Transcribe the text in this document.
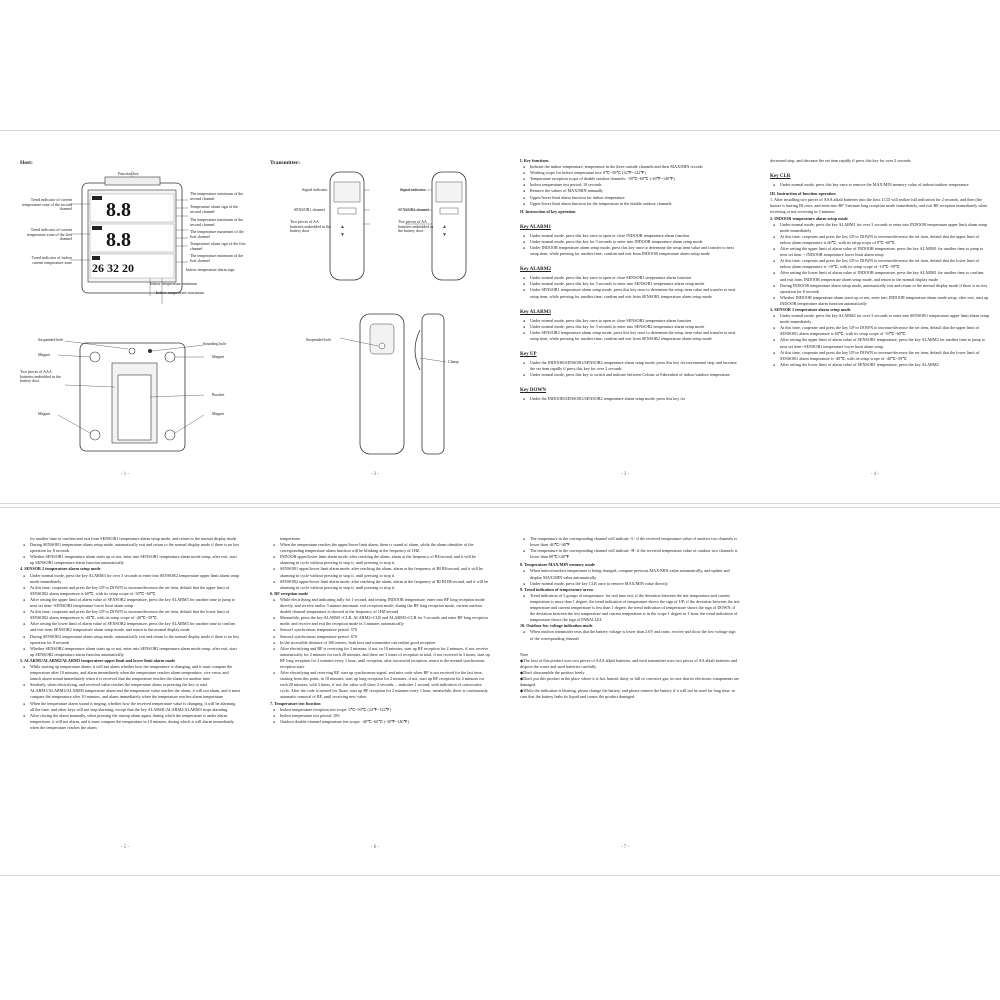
Host:

8.8
8.8
26 32 20
Function key
Trend indicator of current temperature zone of the second channel
Trend indicator of current temperature zone of the first channel
Trend indicator of indoor current temperature zone
The temperature minimum of the second channel
Temperature alarm sign of the second channel
The temperature minimum of the second channel
The temperature maximum of the first channel
Temperature alarm sign of the first channel
The temperature minimum of the first channel
Indoor temperature alarm sign
Indoor temperature minimum
Indoor temperature maximum
Suspended hole
Sounding hole
Magnet	Magnet
Two pieces of AAA batteries embedded in the battery door
Bracket
Magnet	Magnet
- 1 -

Transmitter:

▲
▼
▲
▼
Signal indicator
SENSOR1 channel
Two pieces of AA batteries embedded in the battery door
Signal indicator
SENSOR2 channel
Two pieces of AA batteries embedded in the battery door
Suspended hole
Clamp
- 2 -

I. Key functions

● Indicate the indoor temperature, temperature in the three outside channels and their MAX/MIN records

● Working scope for indoor temperature test: 0℃~50℃ (32℉~122℉)

● Temperature reception scope of double outdoor channels: -50℃~60℃ (-40℉~140℉)

● Indoor temperature test period: 10 seconds

● Remove the values of MAX/MIN manually

● Upper/lower limit alarm function for indoor temperature

● Upper/lower limit alarm function for the temperature in the double outdoor channels

II. Instruction of key operation

Key ALARM1

● Under normal mode, press this key once to open or close INDOOR temperature alarm function

● Under normal mode, press this key for 3 seconds to enter into INDOOR temperature alarm setup mode

● Under INDOOR temperature alarm setup mode, press this key once to determine the setup item value and transfer to next setup item, while pressing for another time, confirm and exit from INDOOR temperature alarm setup mode

Key ALARM2

● Under normal mode, press this key once to open or close SENSOR1 temperature alarm function

● Under normal mode, press this key for 3 seconds to enter into SENSOR1 temperature alarm setup mode

● Under SENSOR1 temperature alarm setup mode, press this key once to determine the setup item value and transfer to next setup item, while pressing for another time, confirm and exit from SENSOR1 temperature alarm setup mode

Key ALARM3

● Under normal mode, press this key once to open or close SENSOR2 temperature alarm function

● Under normal mode, press this key for 3 seconds to enter into SENSOR2 temperature alarm setup mode

● Under SENSOR2 temperature alarm setup mode, press this key once to determine the setup item value and transfer to next setup item, while pressing for another time, confirm and exit from SENSOR2 temperature alarm setup mode

Key UP

● Under the INDOOR/SENSOR1/SENSOR2 temperature alarm setup mode, press this key for incremental step, and increase the set item rapidly if press this key for over 2 seconds

● Under normal mode, press this key to switch and indicate between Celsius or Fahrenheit of indoor/outdoor temperature

Key DOWN

● Under the INDOOR/SENSOR1/SENSOR2 temperature alarm setup mode, press this key for

- 3 -

decreased step, and decrease the set item rapidly if press this key for over 2 seconds

Key CLR

● Under normal mode, press this key once to remove the MAX/MIN memory value of indoor/outdoor temperature

III. Instruction of function operation

1. After installing two pieces of AAA alkali batteries into the host, LCD will realize full indication for 2 seconds, and then (the buzzer is barring BI once, and enter into RF 3-minute long reception mode immediately, and exit RF reception immediately when receiving or not receiving in 3 minutes

2. INDOOR temperature alarm setup mode

● Under normal mode, press the key ALARM1 for over 3 seconds to enter into INDOOR temperature upper limit alarm setup mode immediately

● At this time, cooperate and press the key UP or DOWN to increase/decrease the set item, default that the upper limit of indoor alarm temperature is 60℃, with its setup scope of 0℃~60℃

● After setting the upper limit of alarm value of INDOOR temperature, press the key ALARM1 for another time to jump to next set item -- INDOOR temperature lower limit alarm setup

● At this time, cooperate and press the key UP or DOWN to increase/decrease the set item, default that the lower limit of indoor alarm temperature is -10℃, with its setup scope of -10℃~59℃

● After setting the lower limit of alarm value of INDOOR temperature, press the key ALARM1 for another time to confirm and exit from INDOOR temperature alarm setup mode, and return to the normal display mode

● During INDOOR temperature alarm setup mode, automatically exit and return to the normal display mode if there is no key operation for 8 seconds

● Whether INDOOR temperature alarm starts up or not, enter into INDOOR temperature alarm mode setup, after exit, start up INDOOR temperature alarm function automatically

3. SENSOR 1 temperature alarm setup mode

● Under normal mode, press the key ALARM2 for over 3 seconds to enter into SENSOR1 temperature upper limit alarm setup mode immediately

● At this time, cooperate and press the key UP or DOWN to increase/decrease the set item, default that the upper limit of SENSOR1 alarm temperature is 60℃, with its setup scope of -39℃~60℃

● After setting the upper limit of alarm value of SENSOR1 temperature, press the key ALARM2 for another time to jump to next set item--SENSOR1 temperature lower limit alarm setup

● At this time, cooperate and press the key UP or DOWN to increase/decrease the set item, default that the lower limit of SENSOR1 alarm temperature is -40℃, with its setup scope of -40℃~59℃

● After setting the lower limit of alarm value of SENSOR1 temperature, press the key ALARM2

- 4 -

for another time to confirm and exit from SENSOR1 temperature alarm setup mode, and return to the normal display mode

● During SENSOR1 temperature alarm setup mode, automatically exit and return to the normal display mode if there is no key operation for 8 seconds

● Whether SENSOR1 temperature alarm starts up or not, enter into SENSOR1 temperature alarm mode setup, after exit, start up SENSOR1 temperature alarm function automatically

4. SENSOR 2 temperature alarm setup mode

● Under normal mode, press the key ALARM3 for over 3 seconds to enter into SENSOR2 temperature upper limit alarm setup mode immediately

● At this time, cooperate and press the key UP or DOWN to increase/decrease the set item, default that the upper limit of SENSOR2 alarm temperature is 60℃, with its setup scope of -39℃~60℃

● After setting the upper limit of alarm value of SENSOR2 temperature, press the key ALARM3 for another time to jump to next set item--SENSOR2 temperature lower limit alarm setup

● At this time, cooperate and press the key UP or DOWN to increase/decrease the set item, default that the lower limit of SENSOR2 alarm temperature is -40℃, with its setup scope of -40℃~59℃

● After setting the lower limit of alarm value of SENSOR2 temperature, press the key ALARM3 for another time to confirm and exit from SENSOR2 temperature alarm setup mode, and return to the normal display mode

● During SENSOR2 temperature alarm setup mode, automatically exit and return to the normal display mode if there is no key operation for 8 seconds

● Whether SENSOR2 temperature alarm starts up or not, enter into SENSOR2 temperature alarm mode setup, after exit, start up SENSOR2 temperature alarm function automatically

5. ALARM1/ALARM2/ALARM3 temperature upper limit and lower limit alarm mode

● While starting up temperature alarm, it will not alarm whether how the temperature is changing, and it must compare the temperature after 10 minutes, and alarm immediately when the temperature reaches alarm temperature, vice versa, and launch alarm sound immediately when it is received that the temperature reaches the alarm for another time

● Similarly, when electrifying, and received value reaches the temperature alarm or pressing the key to start ALARM1/ALARM2/ALARM3 temperature alarm and the temperature value reaches the alarm, it will not alarm, and it must compare the temperature after 10 minutes, and alarm immediately when the temperature reaches alarm temperature

● When the temperature alarm sound is ringing, whether how the received temperature value is changing, it will be alarming all the time, and other keys will not stop alarming, except that the key ALARM1/ALARM2/ALARM3 stops alarming.

● After closing the alarm manually, when pressing the startup alarm again, during which the temperature is under alarm temperature, it will not alarm, and it must compare the temperature in 10 minutes, during which it will alarm immediately when the temperature reaches the alarm

- 5 -

temperature.

● When the temperature reaches the upper/lower limit alarm, there is sound of alarm, while the alarm identifier of the corresponding temperature alarm function will be blinking at the frequency of 1HZ

● INDOOR upper/lower limit alarm mode: after reaching the alarm, alarm at the frequency of BI/second, and it will be alarming in cycle without pressing to stop it, until pressing to stop it.

● SENSOR1 upper/lower limit alarm mode: after reaching the alarm, alarm at the frequency of BI BI/second, and it will be alarming in cycle without pressing to stop it, until pressing to stop it.

● SENSOR2 upper/lower limit alarm mode: after reaching the alarm, alarm at the frequency of BI BI BI/second, and it will be alarming in cycle without pressing to stop it, until pressing to stop it.

6. RF reception mode

● While electrifying and indicating fully for 1 second, and testing INDOOR temperature, enter into RF long reception mode directly, and receive and/or 3 minute automatic exit reception mode; during the RF long reception mode, current outdoor double channel temperature is showed at the frequency of 1HZ/second

● Meanwhile, press the key ALARM1+CLR, ALARM2+CLR and ALARM3+CLR for 3 seconds and enter RF long reception mode, and receive and exit the reception mode in 3 minutes automatically

● Sensor1 synchronous temperature period: 57S

● Sensor2 synchronous temperature period: 67S

● In the accessible distance of 100 meters, both host and transmitter can realize good reception

● After electrifying and RF is receiving for 3 minutes, if not, in 10 minutes, start up RF reception for 2 minutes, if not, receive automatically for 2 minutes for each 20 minutes, and there are 3 times of reception in total, if not received in 3 times, start up RF long reception for 2 minutes every 1 hour, until reception, after successful reception, return to the normal synchronous reception state

● After electrifying and receiving RF, start up synchronous signal, and miss code when RF is not received for the last time, starting from this point, in 10 minutes, start up long reception for 2 minutes, if not, start up RF reception for 2 minutes for each 20 minutes, with 3 times, if not, the value will show 2 seconds, – indicates 1 second, with indication of consecutive cycle. After the code is missed for 1hour, start up RF reception for 2 minutes every 1 hour, meanwhile, there is continuously automatic removal of RF, until receiving new value.

7. Temperature test function

● Indoor temperature reception test scope: 0℃~50℃ (32℉~122℉)

● Indoor temperature test period: 10S

● Outdoor double-channel temperature test scope: -40℃~60℃ (-40℉~140℉)

- 6 -

● The temperature in the corresponding channel will indicate -L- if the received temperature value of outdoor two channels is lower than -40℃/-40℉

● The temperature in the corresponding channel will indicate -H- if the received temperature value of outdoor two channels is lower than 60℃/140℉.

8. Temperature MAX/MIN memory mode

● When indoor/outdoor temperature is being changed, compare previous MAX/MIN value automatically, and update and display MAX/MIN value automatically

● Under normal mode, press the key CLR once to remove MAX/MIN value directly

9. Trend indication of temperature arrow

● Trend indication of 3 groups of temperature: for real time test, if the deviation between the test temperature and current temperature is more than 1 degree, the trend indication of temperature shows the sign of UP; if the deviation between the test temperature and current temperature is less than 1 degree, the trend indication of temperature shows the sign of DOWN; if the deviation between the test temperature and current temperature is in the scope 1 degree in 1 hour, the trend indication of temperature shows the sign of PARALLEL

10. Outdoor low voltage indication mode

● When outdoor transmitter tests that the battery voltage is lower than 2.6V and rains, receive and show the low voltage sign of the corresponding channel

Note

◆The host of this product uses two pieces of AAA alkali batteries, and each transmitter uses two pieces of AA alkali batteries and dispose the waste and used batteries carefully.

◆Don't disassemble the product freely

◆Don't put this product in the place where it is hot, humid, dusty or full of corrosive gas, in case that its electronic components are damaged.

◆While the indication is blurring, please change the battery, and please remove the battery if it will not be used for long time, in case that the battery leaks its liquid and causes the product damaged.

- 7 -
